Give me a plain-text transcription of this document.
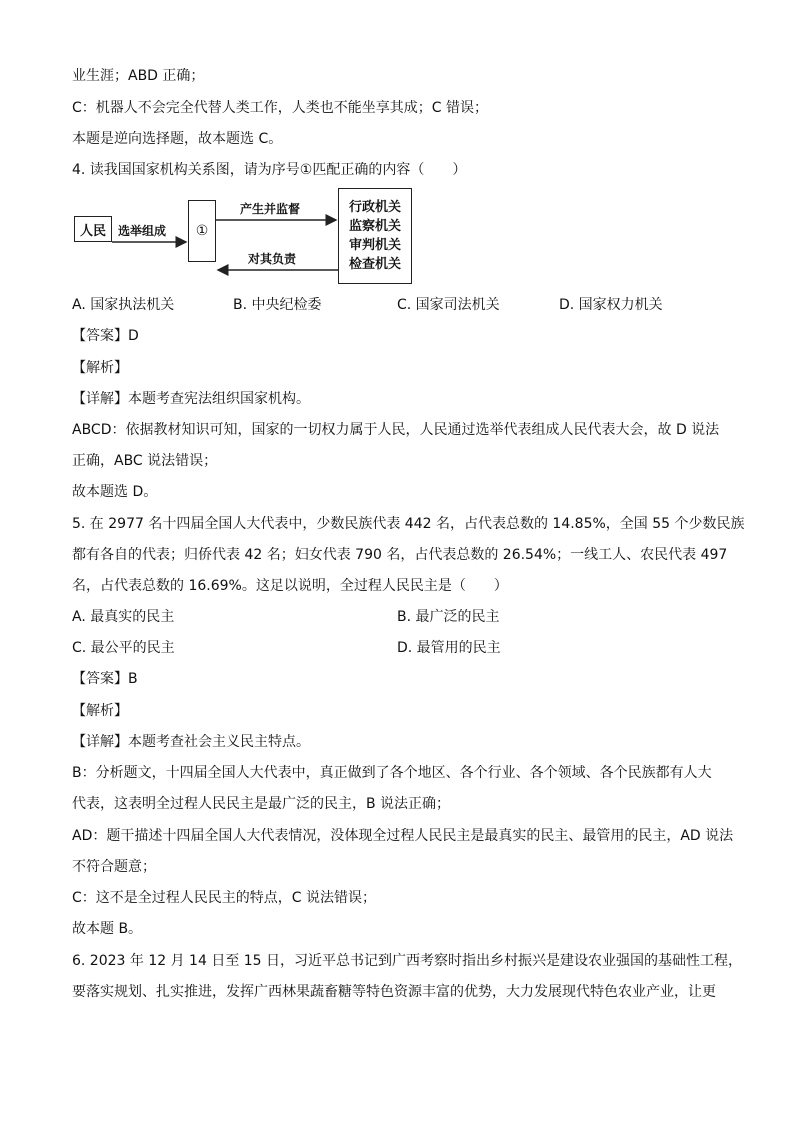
业生涯；ABD 正确；
C：机器人不会完全代替人类工作，人类也不能坐享其成；C 错误；
本题是逆向选择题，故本题选 C。
4. 读我国国家机构关系图，请为序号①匹配正确的内容（　　）
人民	选举组成	①
产生并监督
对其负责
行政机关
监察机关
审判机关
检查机关
A. 国家执法机关	B. 中央纪检委	C. 国家司法机关	D. 国家权力机关
【答案】D
【解析】
【详解】本题考查宪法组织国家机构。
ABCD：依据教材知识可知，国家的一切权力属于人民，人民通过选举代表组成人民代表大会，故 D 说法
正确，ABC 说法错误；
故本题选 D。
5. 在 2977 名十四届全国人大代表中，少数民族代表 442 名，占代表总数的 14.85%，全国 55 个少数民族
都有各自的代表；归侨代表 42 名；妇女代表 790 名，占代表总数的 26.54%；一线工人、农民代表 497
名，占代表总数的 16.69%。这足以说明，全过程人民民主是（　　）
A. 最真实的民主	B. 最广泛的民主
C. 最公平的民主	D. 最管用的民主
【答案】B
【解析】
【详解】本题考查社会主义民主特点。
B：分析题文，十四届全国人大代表中，真正做到了各个地区、各个行业、各个领域、各个民族都有人大
代表，这表明全过程人民民主是最广泛的民主，B 说法正确；
AD：题干描述十四届全国人大代表情况，没体现全过程人民民主是最真实的民主、最管用的民主，AD 说法
不符合题意；
C：这不是全过程人民民主的特点，C 说法错误；
故本题 B。
6. 2023 年 12 月 14 日至 15 日，习近平总书记到广西考察时指出乡村振兴是建设农业强国的基础性工程，
要落实规划、扎实推进，发挥广西林果蔬畜糖等特色资源丰富的优势，大力发展现代特色农业产业，让更
